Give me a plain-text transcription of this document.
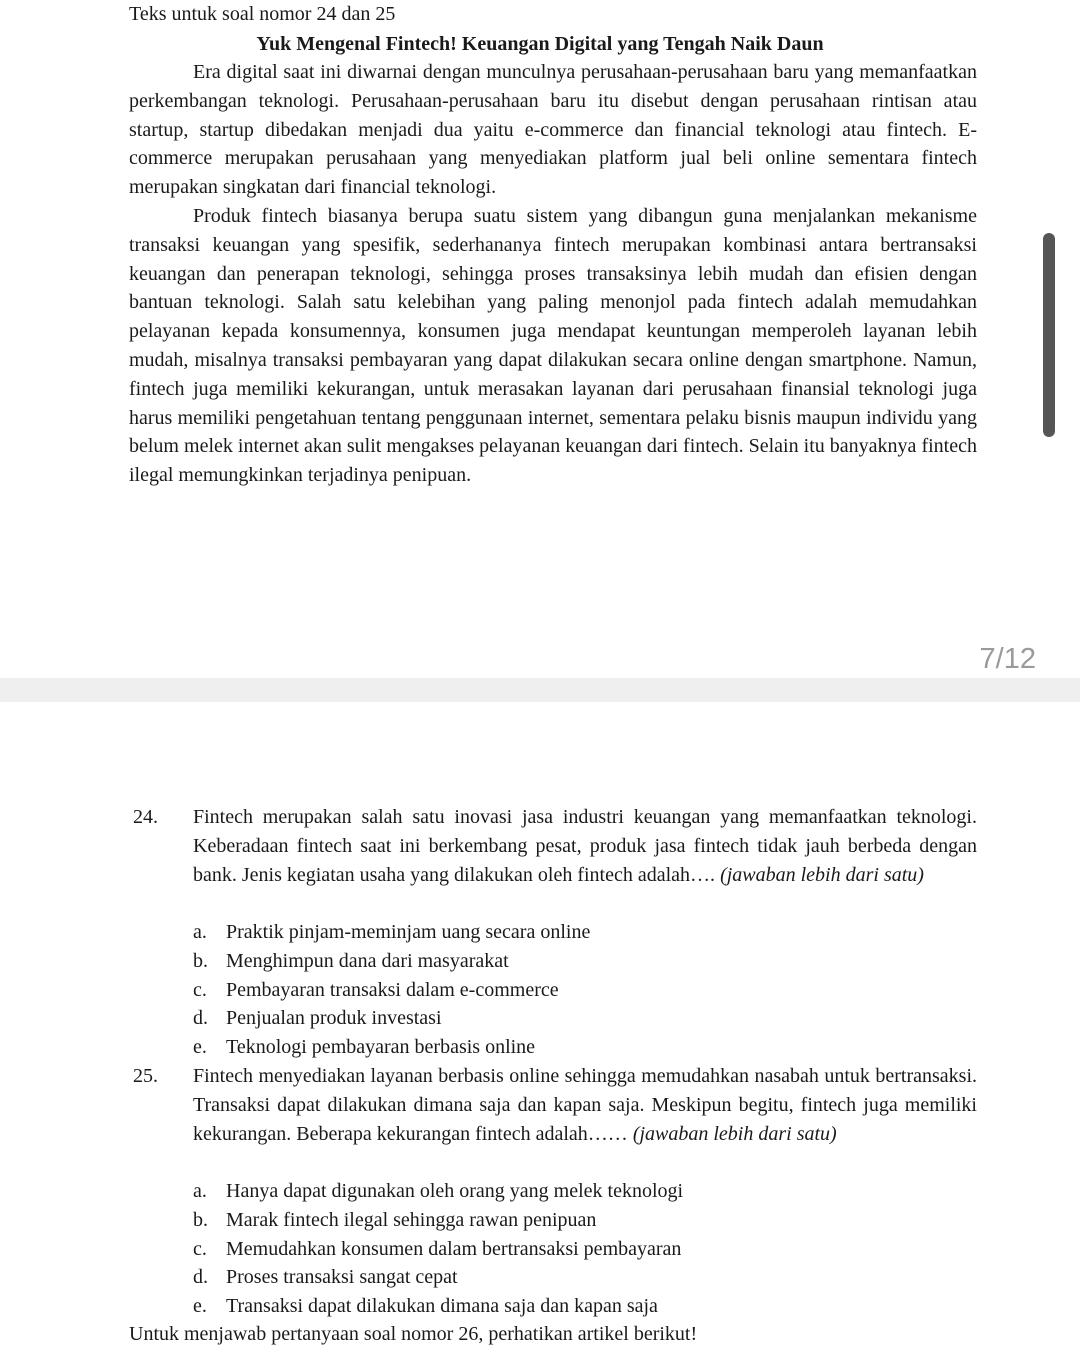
Teks untuk soal nomor 24 dan 25
Yuk Mengenal Fintech! Keuangan Digital yang Tengah Naik Daun

Era digital saat ini diwarnai dengan munculnya perusahaan-perusahaan baru yang memanfaatkan perkembangan teknologi. Perusahaan-perusahaan baru itu disebut dengan perusahaan rintisan atau startup, startup dibedakan menjadi dua yaitu e-commerce dan financial teknologi atau fintech. E-commerce merupakan perusahaan yang menyediakan platform jual beli online sementara fintech merupakan singkatan dari financial teknologi.

Produk fintech biasanya berupa suatu sistem yang dibangun guna menjalankan mekanisme transaksi keuangan yang spesifik, sederhananya fintech merupakan kombinasi antara bertransaksi keuangan dan penerapan teknologi, sehingga proses transaksinya lebih mudah dan efisien dengan bantuan teknologi. Salah satu kelebihan yang paling menonjol pada fintech adalah memudahkan pelayanan kepada konsumennya, konsumen juga mendapat keuntungan memperoleh layanan lebih mudah, misalnya transaksi pembayaran yang dapat dilakukan secara online dengan smartphone. Namun, fintech juga memiliki kekurangan, untuk merasakan layanan dari perusahaan finansial teknologi juga harus memiliki pengetahuan tentang penggunaan internet, sementara pelaku bisnis maupun individu yang belum melek internet akan sulit mengakses pelayanan keuangan dari fintech. Selain itu banyaknya fintech ilegal memungkinkan terjadinya penipuan.

7/12
24. Fintech merupakan salah satu inovasi jasa industri keuangan yang memanfaatkan teknologi. Keberadaan fintech saat ini berkembang pesat, produk jasa fintech tidak jauh berbeda dengan bank. Jenis kegiatan usaha yang dilakukan oleh fintech adalah…. (jawaban lebih dari satu)

a. Praktik pinjam-meminjam uang secara online
b. Menghimpun dana dari masyarakat
c. Pembayaran transaksi dalam e-commerce
d. Penjualan produk investasi
e. Teknologi pembayaran berbasis online
25. Fintech menyediakan layanan berbasis online sehingga memudahkan nasabah untuk bertransaksi. Transaksi dapat dilakukan dimana saja dan kapan saja. Meskipun begitu, fintech juga memiliki kekurangan. Beberapa kekurangan fintech adalah…… (jawaban lebih dari satu)

a. Hanya dapat digunakan oleh orang yang melek teknologi
b. Marak fintech ilegal sehingga rawan penipuan
c. Memudahkan konsumen dalam bertransaksi pembayaran
d. Proses transaksi sangat cepat
e. Transaksi dapat dilakukan dimana saja dan kapan saja
Untuk menjawab pertanyaan soal nomor 26, perhatikan artikel berikut!
